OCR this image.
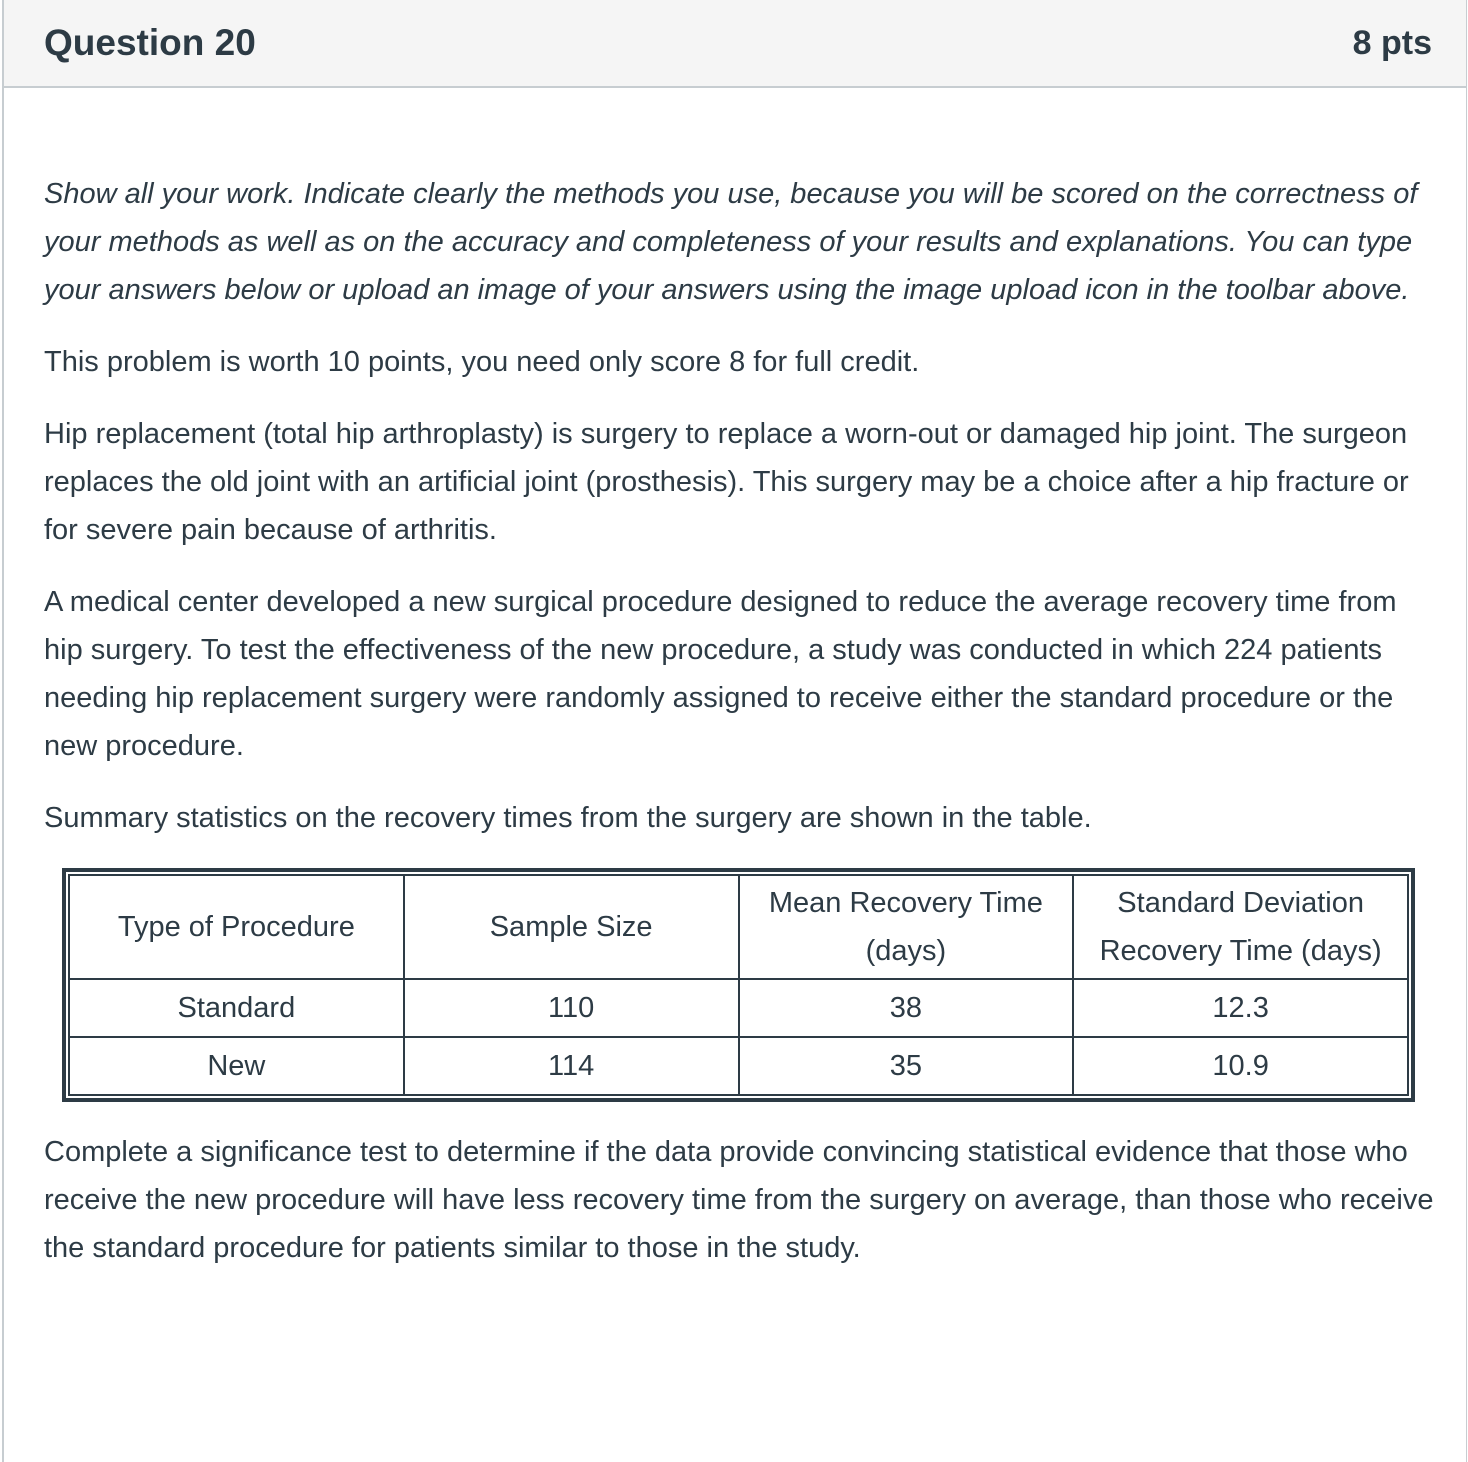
Question 20	8 pts

Show all your work. Indicate clearly the methods you use, because you will be scored on the correctness of your methods as well as on the accuracy and completeness of your results and explanations. You can type your answers below or upload an image of your answers using the image upload icon in the toolbar above.

This problem is worth 10 points, you need only score 8 for full credit.

Hip replacement (total hip arthroplasty) is surgery to replace a worn-out or damaged hip joint. The surgeon replaces the old joint with an artificial joint (prosthesis). This surgery may be a choice after a hip fracture or for severe pain because of arthritis.

A medical center developed a new surgical procedure designed to reduce the average recovery time from hip surgery. To test the effectiveness of the new procedure, a study was conducted in which 224 patients needing hip replacement surgery were randomly assigned to receive either the standard procedure or the new procedure.

Summary statistics on the recovery times from the surgery are shown in the table.

Type of Procedure	Sample Size	Mean Recovery Time (days)	Standard Deviation Recovery Time (days)
Standard	110	38	12.3
New	114	35	10.9

Complete a significance test to determine if the data provide convincing statistical evidence that those who receive the new procedure will have less recovery time from the surgery on average, than those who receive the standard procedure for patients similar to those in the study.
